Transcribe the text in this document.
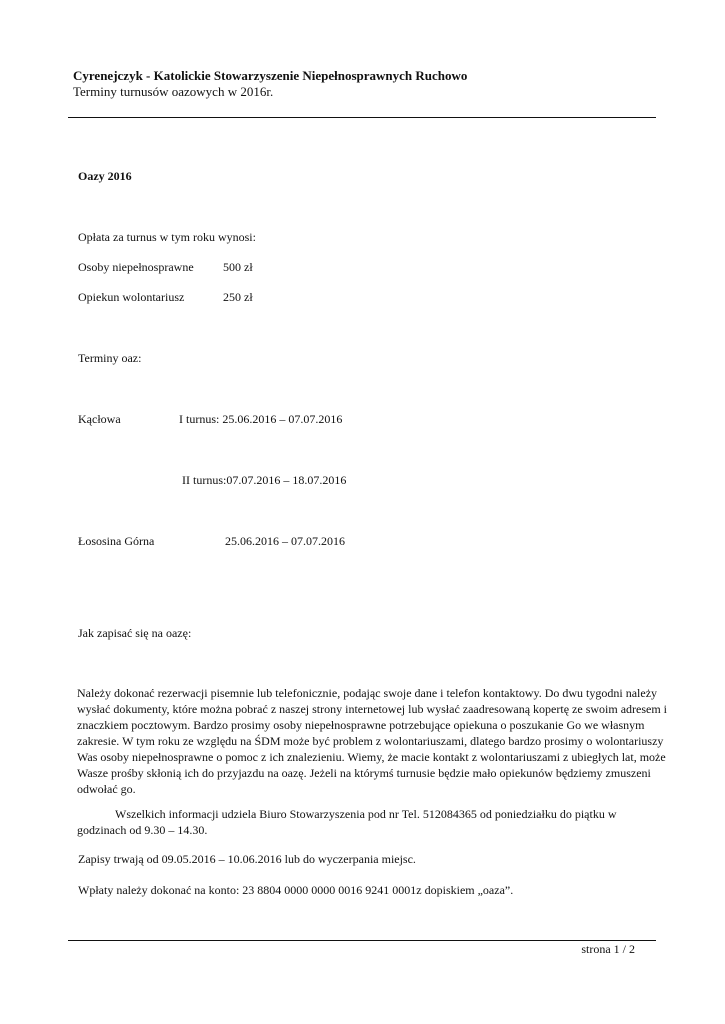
Cyrenejczyk - Katolickie Stowarzyszenie Niepełnosprawnych Ruchowo
Terminy turnusów oazowych w 2016r.
Oazy 2016
Opłata za turnus w tym roku wynosi:
Osoby niepełnosprawne 500 zł
Opiekun wolontariusz	250 zł
Terminy oaz:
Kącłowa	I turnus: 25.06.2016 – 07.07.2016
II turnus:07.07.2016 – 18.07.2016
Łososina Górna	25.06.2016 – 07.07.2016
Jak zapisać się na oazę:
Należy dokonać rezerwacji pisemnie lub telefonicznie, podając swoje dane i telefon kontaktowy. Do dwu tygodni należy wysłać dokumenty, które można pobrać z naszej strony internetowej lub wysłać zaadresowaną kopertę ze swoim adresem i znaczkiem pocztowym. Bardzo prosimy osoby niepełnosprawne potrzebujące opiekuna o poszukanie Go we własnym zakresie. W tym roku ze względu na ŚDM może być problem z wolontariuszami, dlatego bardzo prosimy o wolontariuszy Was osoby niepełnosprawne o pomoc z ich znalezieniu. Wiemy, że macie kontakt z wolontariuszami z ubiegłych lat, może Wasze prośby skłonią ich do przyjazdu na oazę. Jeżeli na którymś turnusie będzie mało opiekunów będziemy zmuszeni odwołać go.
Wszelkich informacji udziela Biuro Stowarzyszenia pod nr Tel. 512084365 od poniedziałku do piątku w godzinach od 9.30 – 14.30.
Zapisy trwają od 09.05.2016 – 10.06.2016 lub do wyczerpania miejsc.
Wpłaty należy dokonać na konto: 23 8804 0000 0000 0016 9241 0001z dopiskiem „oaza”.
strona 1 / 2
